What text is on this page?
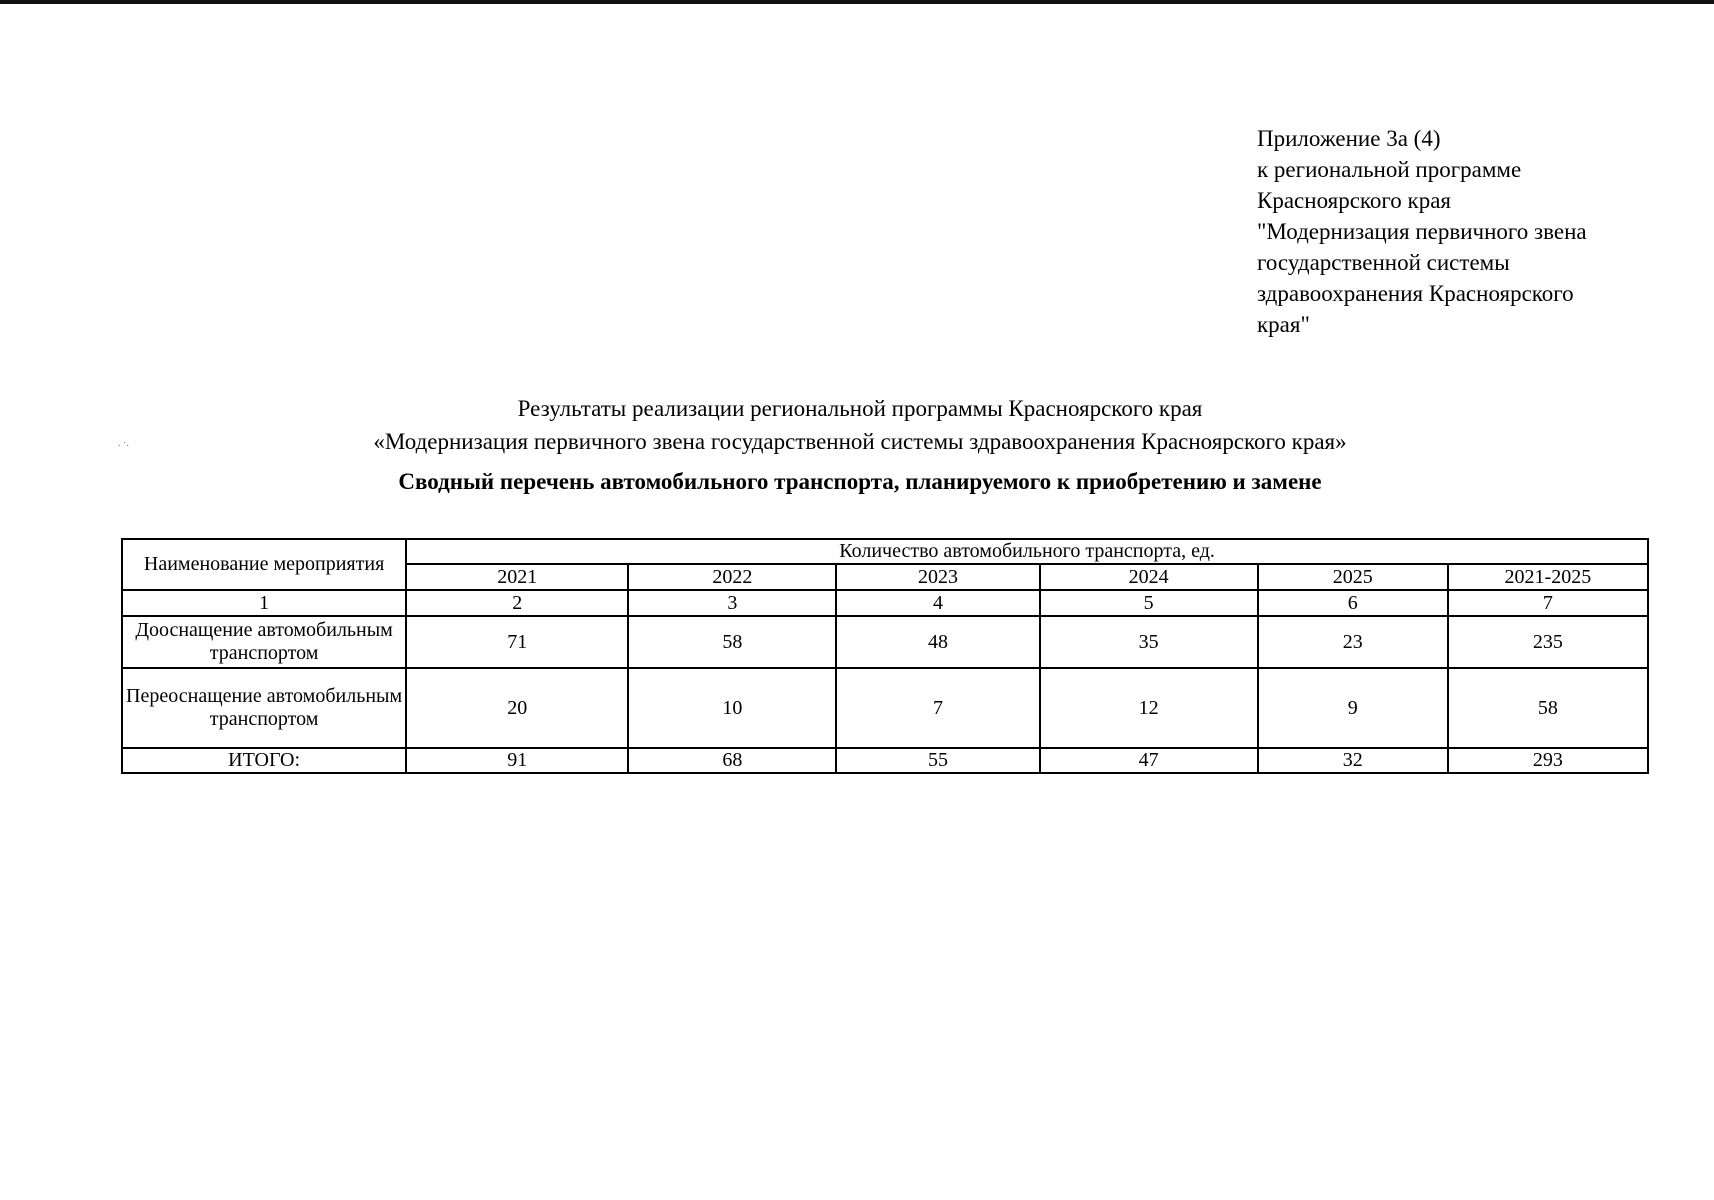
Приложение 3а (4)
к региональной программе
Красноярского края
"Модернизация первичного звена
государственной системы
здравоохранения Красноярского
края"
Результаты реализации региональной программы Красноярского края
«Модернизация первичного звена государственной системы здравоохранения Красноярского края»
. ·.
Сводный перечень автомобильного транспорта, планируемого к приобретению и замене
Наименование мероприятия	Количество автомобильного транспорта, ед.					
	2021	2022	2023	2024	2025	2021-2025
1	2	3	4	5	6	7
Дооснащение автомобильным транспортом	71	58	48	35	23	235
Переоснащение автомобильным транспортом	20	10	7	12	9	58
ИТОГО:	91	68	55	47	32	293
